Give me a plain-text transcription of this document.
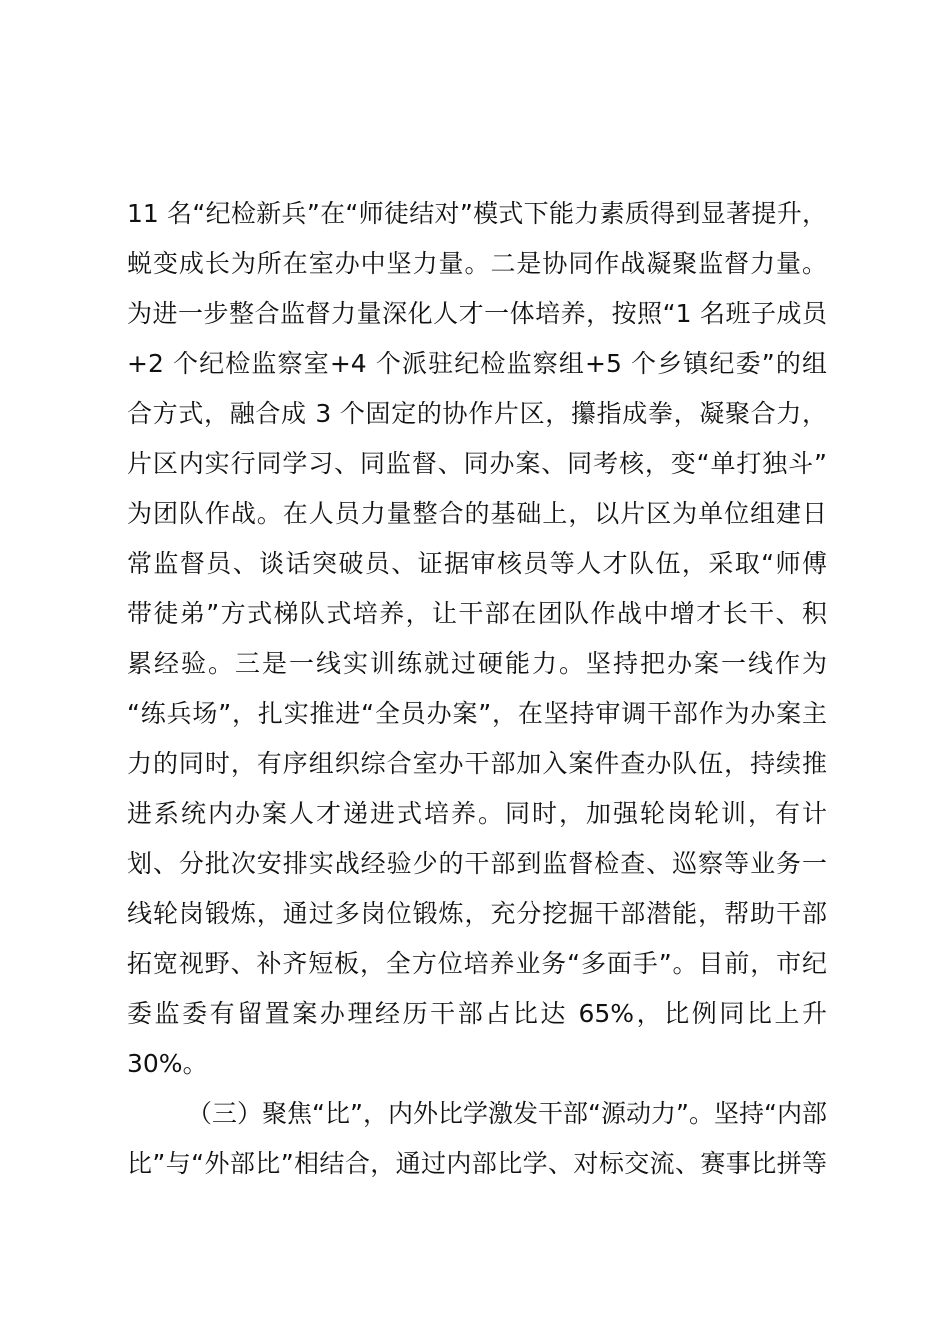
11 名“纪检新兵”在“师徒结对”模式下能力素质得到显著提升，
蜕变成长为所在室办中坚力量。二是协同作战凝聚监督力量。
为进一步整合监督力量深化人才一体培养，按照“1 名班子成员
+2 个纪检监察室+4 个派驻纪检监察组+5 个乡镇纪委”的组
合方式，融合成 3 个固定的协作片区，攥指成拳，凝聚合力，
片区内实行同学习、同监督、同办案、同考核，变“单打独斗”
为团队作战。在人员力量整合的基础上，以片区为单位组建日
常监督员、谈话突破员、证据审核员等人才队伍，采取“师傅
带徒弟”方式梯队式培养，让干部在团队作战中增才长干、积
累经验。三是一线实训练就过硬能力。坚持把办案一线作为
“练兵场”，扎实推进“全员办案”，在坚持审调干部作为办案主
力的同时，有序组织综合室办干部加入案件查办队伍，持续推
进系统内办案人才递进式培养。同时，加强轮岗轮训，有计
划、分批次安排实战经验少的干部到监督检查、巡察等业务一
线轮岗锻炼，通过多岗位锻炼，充分挖掘干部潜能，帮助干部
拓宽视野、补齐短板，全方位培养业务“多面手”。目前，市纪
委监委有留置案办理经历干部占比达 65%，比例同比上升
30%。
（三）聚焦“比”，内外比学激发干部“源动力”。坚持“内部
比”与“外部比”相结合，通过内部比学、对标交流、赛事比拼等
